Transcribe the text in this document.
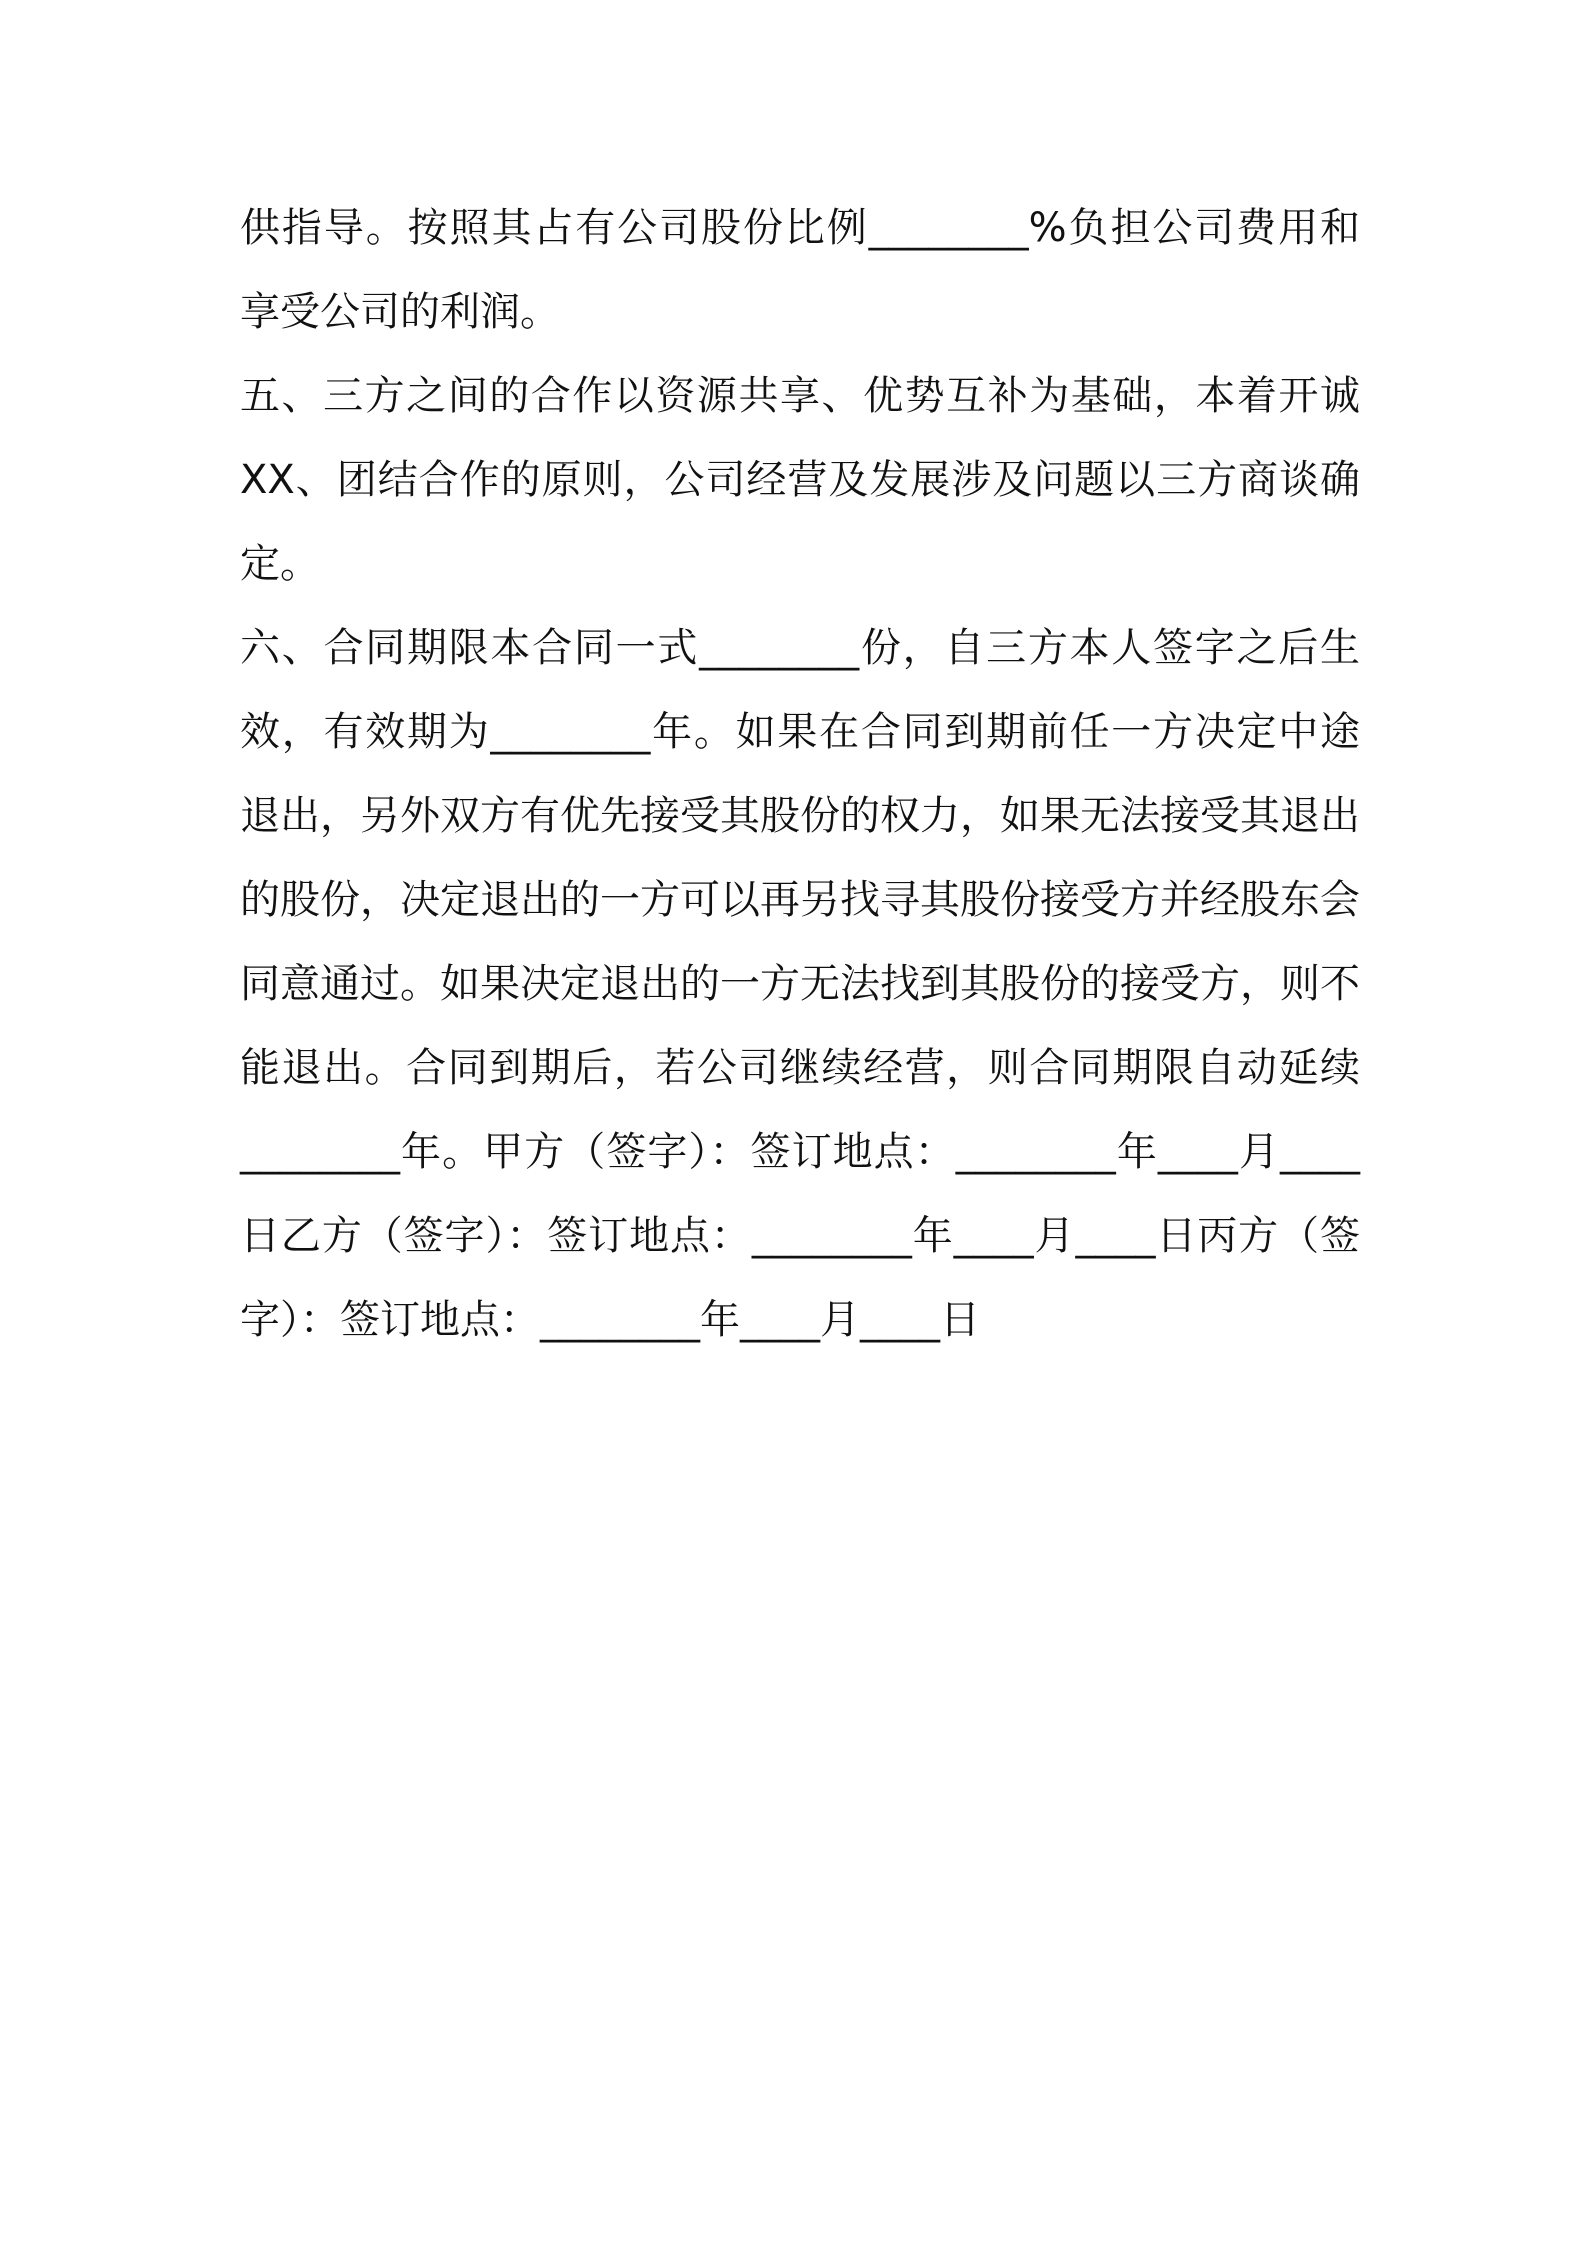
供指导。按照其占有公司股份比例________%负担公司费用和
享受公司的利润。
五、三方之间的合作以资源共享、优势互补为基础，本着开诚
XX、团结合作的原则，公司经营及发展涉及问题以三方商谈确
定。
六、合同期限本合同一式________份，自三方本人签字之后生
效，有效期为________年。如果在合同到期前任一方决定中途
退出，另外双方有优先接受其股份的权力，如果无法接受其退出
的股份，决定退出的一方可以再另找寻其股份接受方并经股东会
同意通过。如果决定退出的一方无法找到其股份的接受方，则不
能退出。合同到期后，若公司继续经营，则合同期限自动延续
________年。甲方（签字）：签订地点：________年____月____
日乙方（签字）：签订地点：________年____月____日丙方（签
字）：签订地点：________年____月____日
